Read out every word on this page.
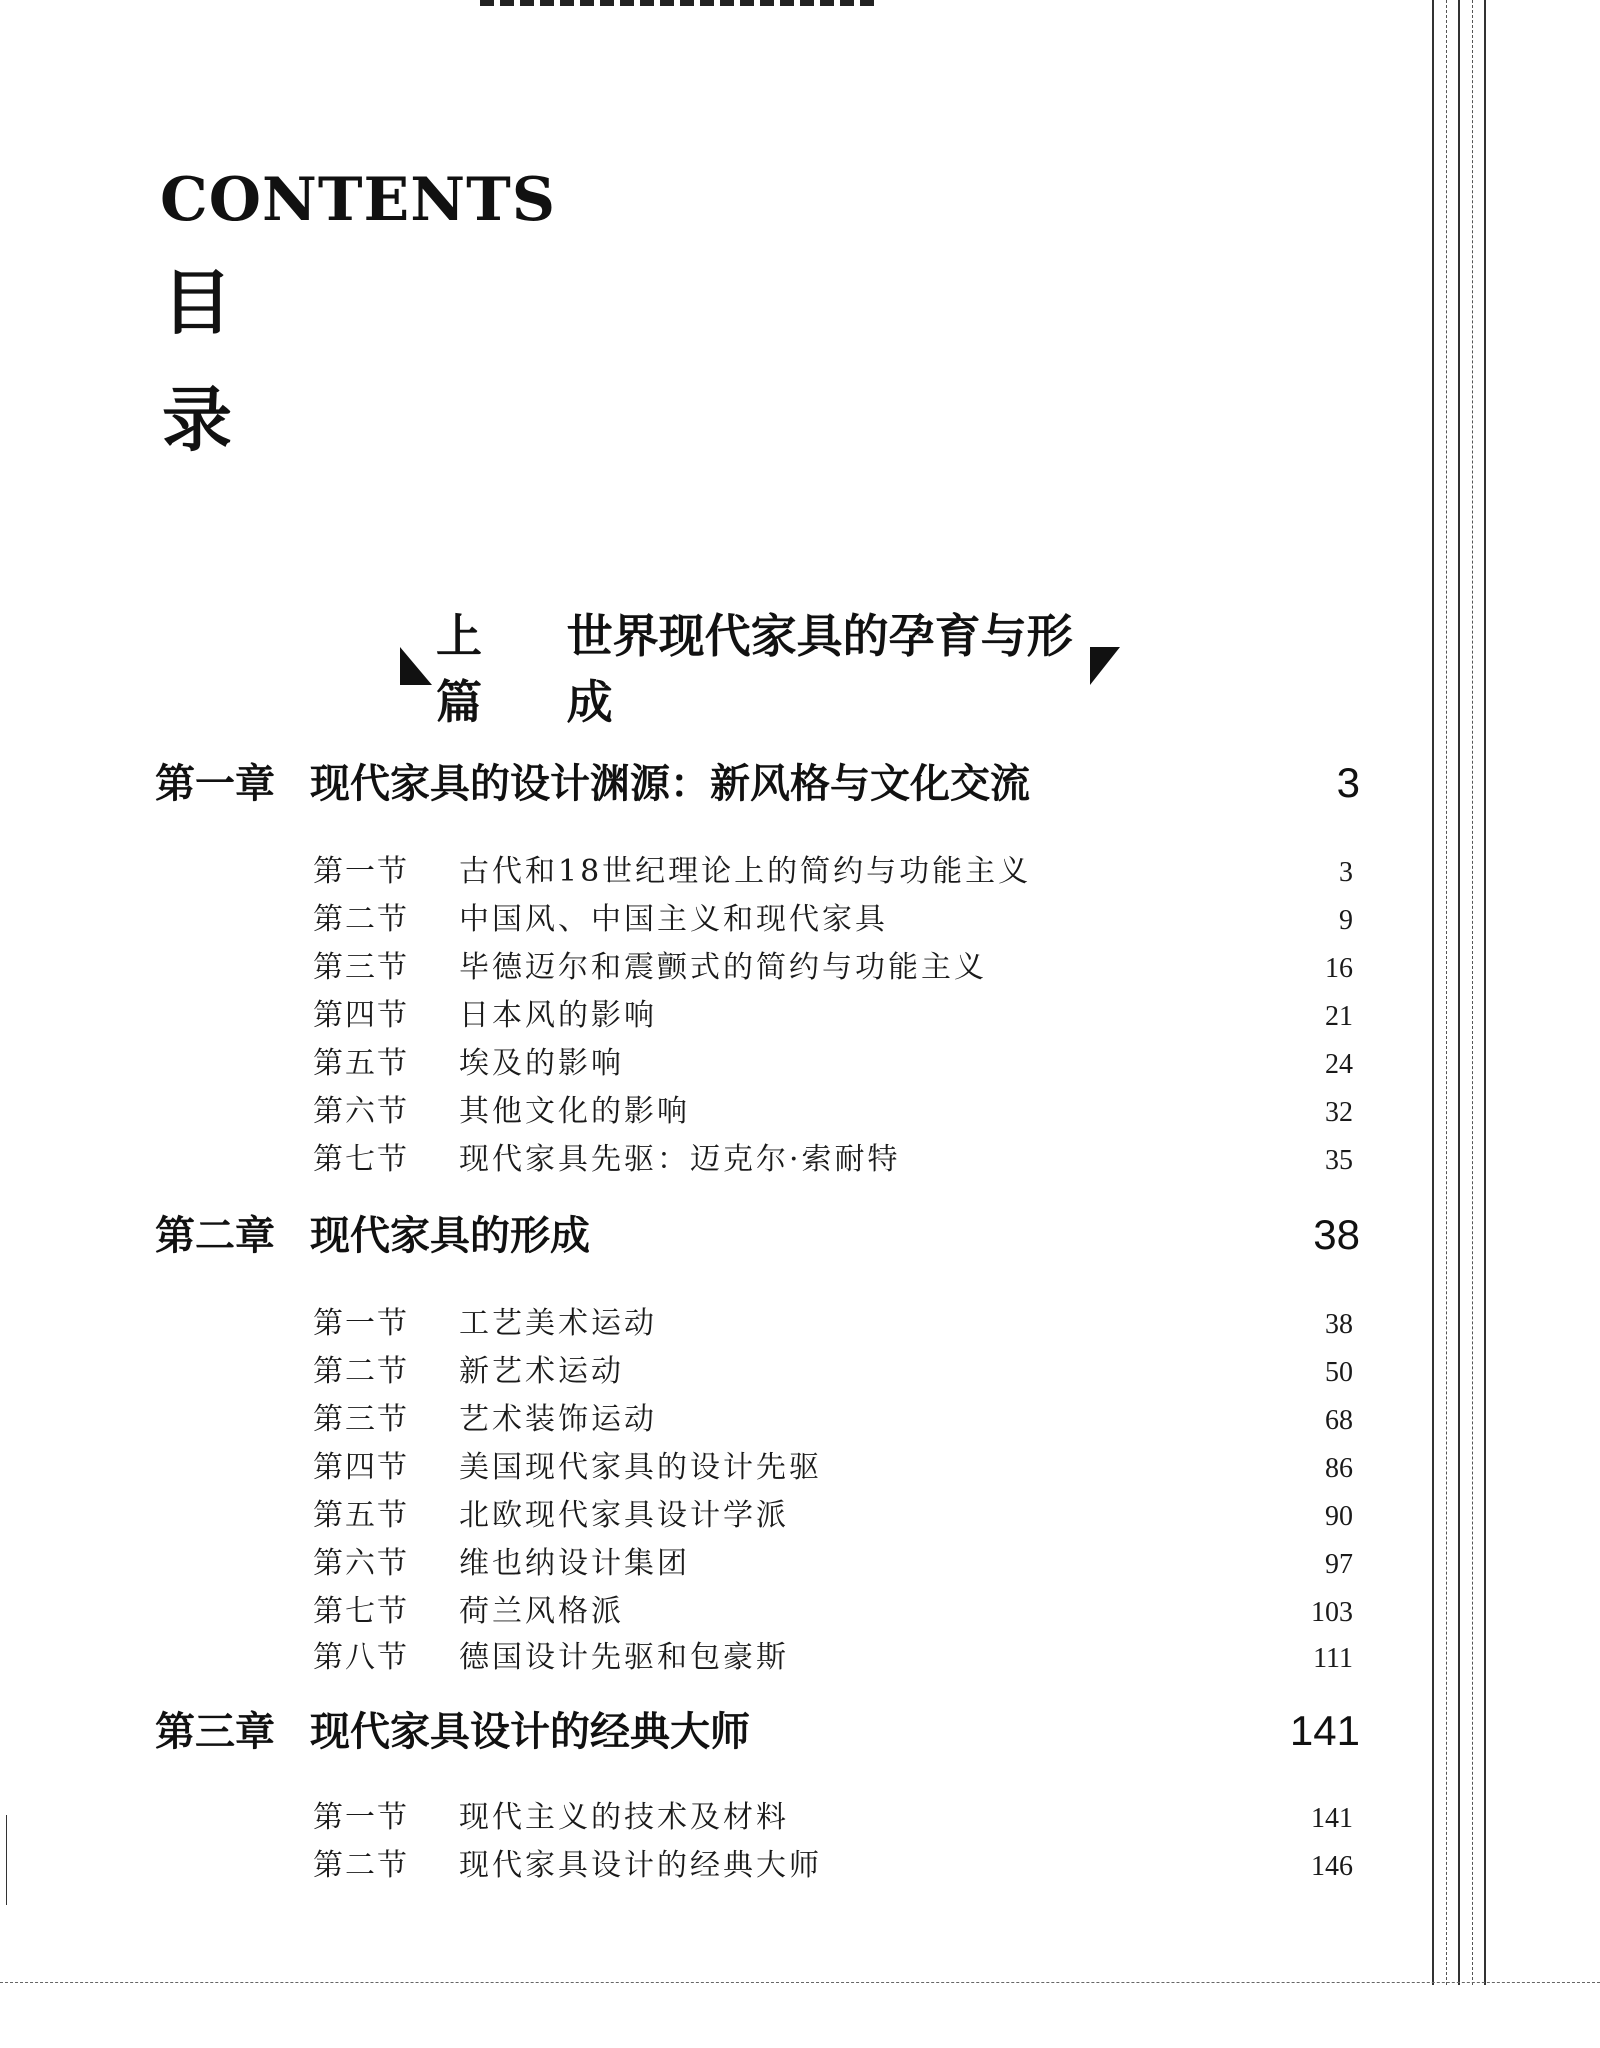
CONTENTS
目
录
上篇
世界现代家具的孕育与形成
第一章 现代家具的设计渊源：新风格与文化交流	3
第一节	古代和18世纪理论上的简约与功能主义	3
第二节	中国风、中国主义和现代家具	9
第三节	毕德迈尔和震颤式的简约与功能主义	16
第四节	日本风的影响	21
第五节	埃及的影响	24
第六节	其他文化的影响	32
第七节	现代家具先驱：迈克尔·索耐特	35
第二章 现代家具的形成	38
第一节	工艺美术运动	38
第二节	新艺术运动	50
第三节	艺术装饰运动	68
第四节	美国现代家具的设计先驱	86
第五节	北欧现代家具设计学派	90
第六节	维也纳设计集团	97
第七节	荷兰风格派	103
第八节	德国设计先驱和包豪斯	111
第三章 现代家具设计的经典大师	141
第一节	现代主义的技术及材料	141
第二节	现代家具设计的经典大师	146
